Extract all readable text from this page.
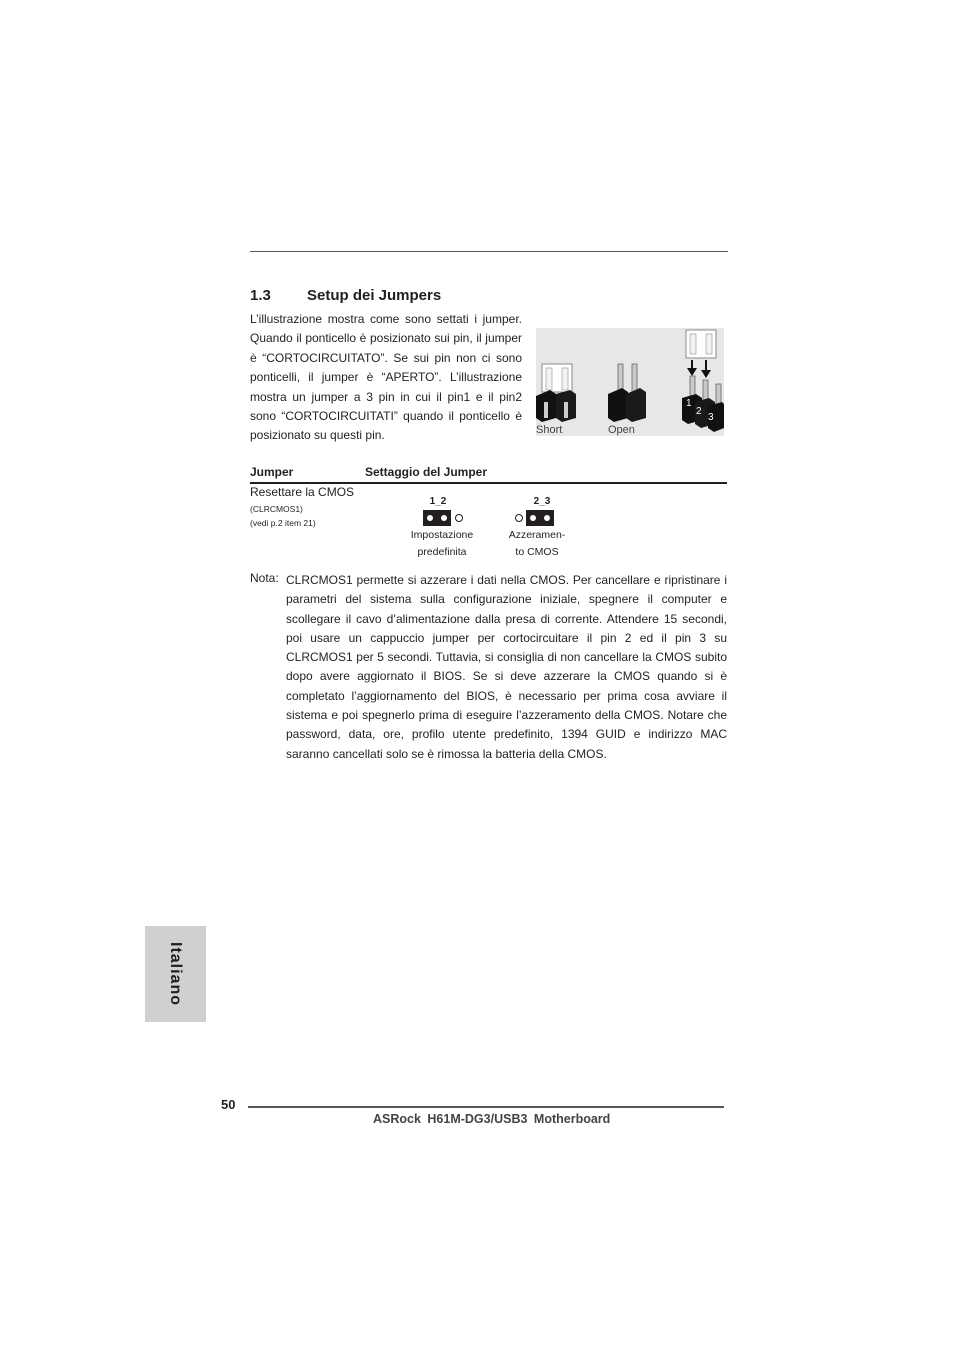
1.3 Setup dei Jumpers
L’illustrazione mostra come sono settati i jumper. Quando il ponticello è posizionato sui pin, il jumper è “CORTOCIRCUITATO”. Se sui pin non ci sono ponticelli, il jumper è “APERTO”. L’illustrazione mostra un jumper a 3 pin in cui il pin1 e il pin2 sono “CORTOCIRCUITATI” quando il ponticello è posizionato su questi pin.
1
2
3
Short	Open
Jumper	Settaggio del Jumper
Resettare la CMOS
(CLRCMOS1)
(vedi p.2 item 21)
1_2
Impostazione
predefinita
2_3
Azzeramen-
to CMOS
Nota: CLRCMOS1 permette si azzerare i dati nella CMOS. Per cancellare e ripristinare i parametri del sistema sulla configurazione iniziale, spegnere il computer e scollegare il cavo d’alimentazione dalla presa di corrente. Attendere 15 secondi, poi usare un cappuccio jumper per cortocircuitare il pin 2 ed il pin 3 su CLRCMOS1 per 5 secondi. Tuttavia, si consiglia di non cancellare la CMOS subito dopo avere aggiornato il BIOS. Se si deve azzerare la CMOS quando si è completato l’aggiornamento del BIOS, è necessario per prima cosa avviare il sistema e poi spegnerlo prima di eseguire l’azzeramento della CMOS. Notare che password, data, ore, profilo utente predefinito, 1394 GUID e indirizzo MAC saranno cancellati solo se è rimossa la batteria della CMOS.
Italiano
50
ASRock H61M-DG3/USB3 Motherboard
